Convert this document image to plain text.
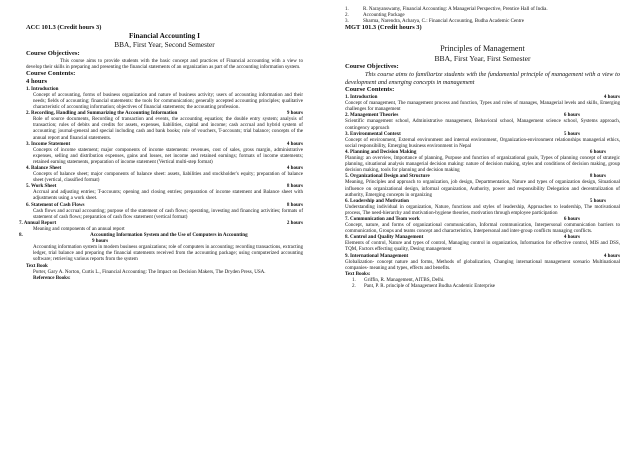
ACC 101.3 (Credit hours 3)

Financial Accounting I

BBA, First Year, Second Semester

Course Objectives:

This course aims to provide students with the basic concept and practices of Financial accounting with a view to develop their skills in preparing and presenting the financial statements of an organization as part of the accounting information system.

Course Contents:

4 hours

1. Introduction

Concept of accounting, forms of business organization and nature of business activity; users of accounting information and their needs; fields of accounting; financial statements: the tools for communication; generally accepted accounting principles; qualitative characteristic of accounting information; objectives of financial statements; the accounting profession.

2. Recording, Handling and Summarizing the Accounting Information	9 hours

Role of source documents, Recording of transaction and events, the accounting equation; the double entry system; analysis of transaction; rules of debits and credits for assets, expenses, liabilities, capital and income; cash accrual and hybrid system of accounting; journal-general and special including cash and bank books; role of vouchers, T-accounts; trial balance; concepts of the annual report and financial statements.

3. Income Statement	4 hours

Concepts of income statement; major components of income statements: revenues, cost of sales, gross margin, administrative expenses, selling and distribution expenses, gains and losses, net income and retained earnings; formats of income statements; retained earning statements, preparation of income statement (Vertical multi-step format)

4. Balance Sheet	4 hours

Concepts of balance sheet; major components of balance sheet: assets, liabilities and stockholder's equity; preparation of balance sheet (vertical, classified format)

5. Work Sheet	8 hours

Accrual and adjusting entries; T-accounts; opening and closing entries; preparation of income statement and Balance sheet with adjustments using a work sheet.

6. Statement of Cash Flows	8 hours

Cash flows and accrual accounting; purpose of the statement of cash flows; operating, investing and financing activities; formats of statement of cash flows; preparation of cash flow statement (vertical format)

7. Annual Report	2 hours

Meaning and components of an annual report

8.	Accounting Information System and the Use of Computers in Accounting
9 hours

Accounting information system in modern business organizations; role of computers in accounting; recording transactions, extracting ledger, trial balance and preparing the financial statements received from the accounting package; using computerized accounting software; retrieving various reports from the system

Text Book

Porter, Gary A. Norton, Curtis L., Financial Accounting: The Impact on Decision Makers, The Dryden Press, USA.

Reference Books:

1.	R. Narayanswamy, Financial Accounting: A Managerial Perspective, Prentice Hall of India.
2.	Accounting Package
3.	Sharma, Narendra, Acharya, C.: Financial Accounting, Budha Academic Centre

MGT 101.3 (Credit hours 3)

Principles of Management

BBA, First Year, First Semester

Course Objectives:

This course aims to familiarize students with the fundamental principle of management with a view to development and emerging concepts in management

Course Contents:

1. Introduction	4 hours

Concept of management, The management process and function, Types and roles of manages, Managerial levels and skills, Emerging challenges for management

2. Management Theories	6 hours

Scientific management school, Administrative management, Behavioral school, Management science school, Systems approach, contingency approach

3. Environmental Context	5 hours

Concept of environment, External environment and internal environment, Organization-environment relationships managerial ethics, social responsibility, Emerging business environment in Nepal

4. Planning and Decision Making	6 hours

Planning: an overview, Importance of planning, Purpose and function of organizational goals, Types of planning concept of strategic planning, situational analysis managerial decision making: nature of decision making, styles and conditions of decision making, group decision making, tools for planning and decision making

5. Organizational Design and Structure	8 hours

Meaning, Principles and approach to organization, job design, Departmentation, Nature and types of organization design, Situational influence on organizational design, informal organization, Authority, power and responsibility Delegation and decentralization of authority, Emerging concepts in organizing

6. Leadership and Motivation	5 hours

Understanding individual in organization, Nature, functions and styles of leadership, Approaches to leadership, The motivational process, The need-hierarchy and motivation-hygiene theories, motivation through employee participation

7. Communication and Team work	6 hours

Concept, nature, and forms of organizational communication, Informal communication, Interpersonal communication barriers to communication, Groups and teams concept and characteristics, Interpersonal and inter-group conflicts managing conflicts.

8. Control and Quality Management	4 hours

Elements of control, Nature and types of control, Managing control in organization, Information for effective control, MIS and DSS, TQM, Factors effecting quality, Desing management

9. International Management	4 hours

Globalization- concept nature and forms, Methods of globalization, Changing international management scenario Multinational companies- meaning and types, effects and benefits.

Text Books:

1.	Griffin, R. Management, AITBS, Delhi.
2.	Pant, P. R. principle of Management Budha Academic Enterprise
